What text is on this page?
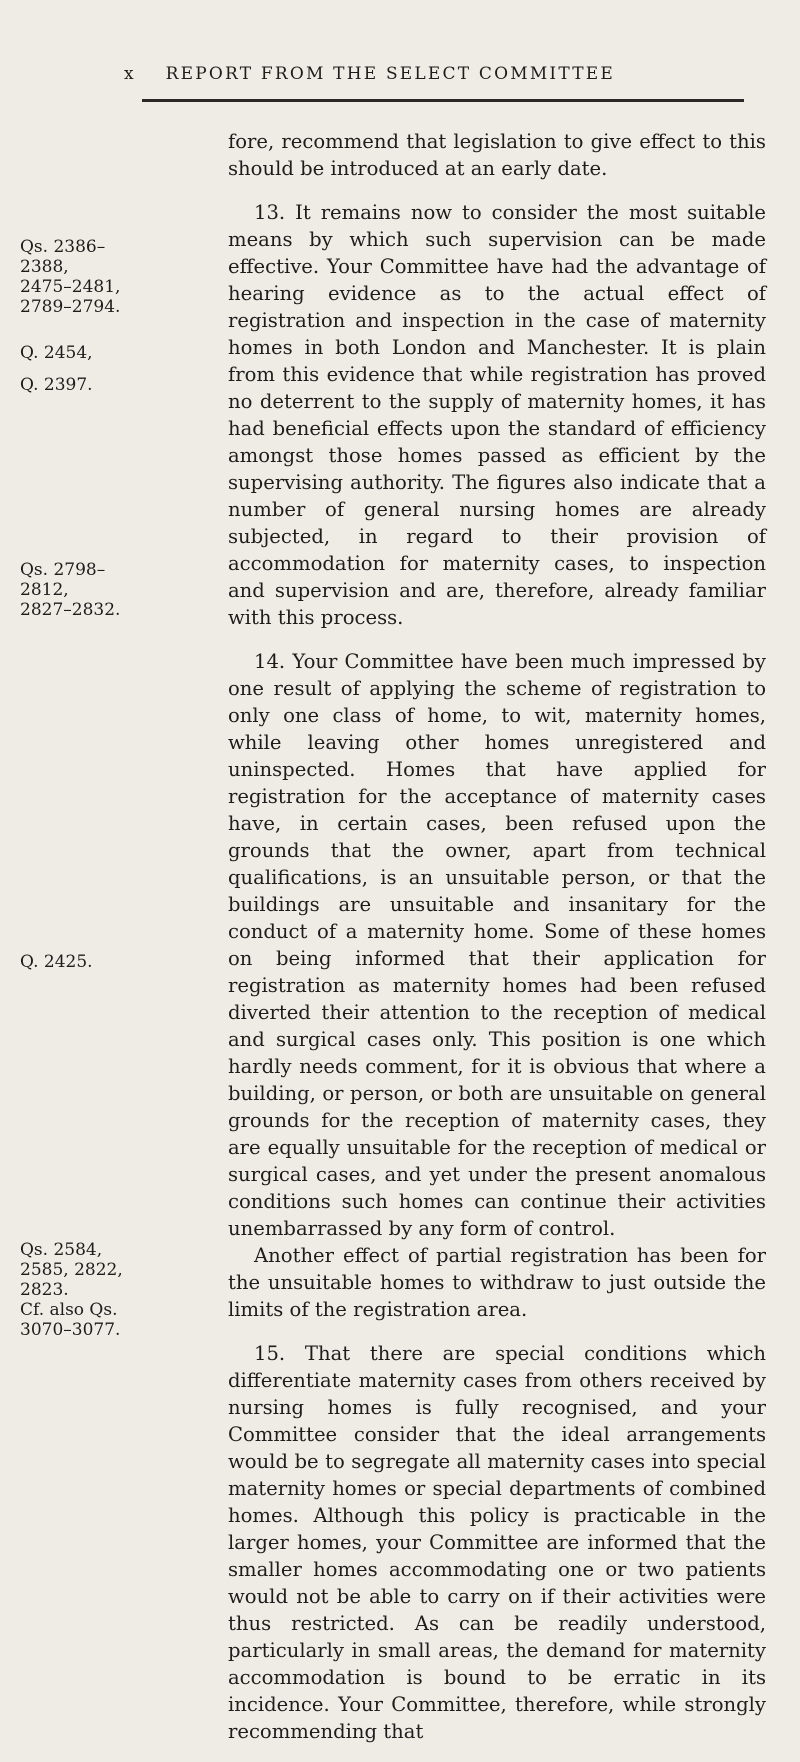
x REPORT FROM THE SELECT COMMITTEE

fore, recommend that legislation to give effect to this should be introduced at an early date.

13. It remains now to consider the most suitable means by which such supervision can be made effective. Your Committee have had the advantage of hearing evidence as to the actual effect of registration and inspection in the case of maternity homes in both London and Manchester. It is plain from this evidence that while registration has proved no deterrent to the supply of maternity homes, it has had beneficial effects upon the standard of efficiency amongst those homes passed as efficient by the supervising authority. The figures also indicate that a number of general nursing homes are already subjected, in regard to their provision of accommodation for maternity cases, to inspection and supervision and are, therefore, already familiar with this process.

14. Your Committee have been much impressed by one result of applying the scheme of registration to only one class of home, to wit, maternity homes, while leaving other homes unregistered and uninspected. Homes that have applied for registration for the acceptance of maternity cases have, in certain cases, been refused upon the grounds that the owner, apart from technical qualifications, is an unsuitable person, or that the buildings are unsuitable and insanitary for the conduct of a maternity home. Some of these homes on being informed that their application for registration as maternity homes had been refused diverted their attention to the reception of medical and surgical cases only. This position is one which hardly needs comment, for it is obvious that where a building, or person, or both are unsuitable on general grounds for the reception of maternity cases, they are equally unsuitable for the reception of medical or surgical cases, and yet under the present anomalous conditions such homes can continue their activities unembarrassed by any form of control.

Another effect of partial registration has been for the unsuitable homes to withdraw to just outside the limits of the registration area.

15. That there are special conditions which differentiate maternity cases from others received by nursing homes is fully recognised, and your Committee consider that the ideal arrangements would be to segregate all maternity cases into special maternity homes or special departments of combined homes. Although this policy is practicable in the larger homes, your Committee are informed that the smaller homes accommodating one or two patients would not be able to carry on if their activities were thus restricted. As can be readily understood, particularly in small areas, the demand for maternity accommodation is bound to be erratic in its incidence. Your Committee, therefore, while strongly recommending that

Qs. 2386–
2388,
2475–2481,
2789–2794.
Q. 2454,
Q. 2397.
Qs. 2798–
2812,
2827–2832.
Q. 2425.
Qs. 2584,
2585, 2822,
2823.
Cf. also Qs.
3070–3077.
